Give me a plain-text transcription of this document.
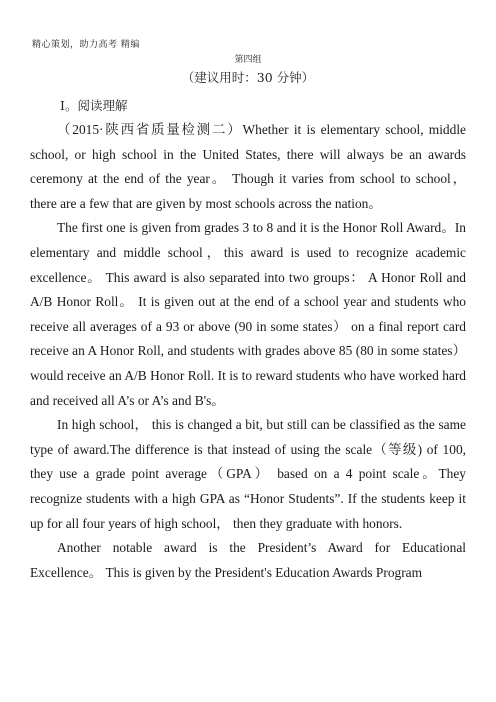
精心策划，助力高考 精编
第四组
（建议用时：30 分钟）
Ⅰ。阅读理解

（2015·陕西省质量检测二）Whether it is elementary school, middle school, or high school in the United States, there will always be an awards ceremony at the end of the year。 Though it varies from school to school， there are a few that are given by most schools across the nation。

The first one is given from grades 3 to 8 and it is the Honor Roll Award。In elementary and middle school，this award is used to recognize academic excellence。 This award is also separated into two groups： A Honor Roll and A/B Honor Roll。 It is given out at the end of a school year and students who receive all averages of a 93 or above (90 in some states） on a final report card receive an A Honor Roll, and students with grades above 85 (80 in some states） would receive an A/B Honor Roll. It is to reward students who have worked hard and received all A’s or A’s and B's。

In high school， this is changed a bit, but still can be classified as the same type of award.The difference is that instead of using the scale（等级) of 100, they use a grade point average（GPA） based on a 4 point scale。They recognize students with a high GPA as “Honor Students”. If the students keep it up for all four years of high school， then they graduate with honors.

Another notable award is the President’s Award for Educational Excellence。 This is given by the President's Education Awards Program
